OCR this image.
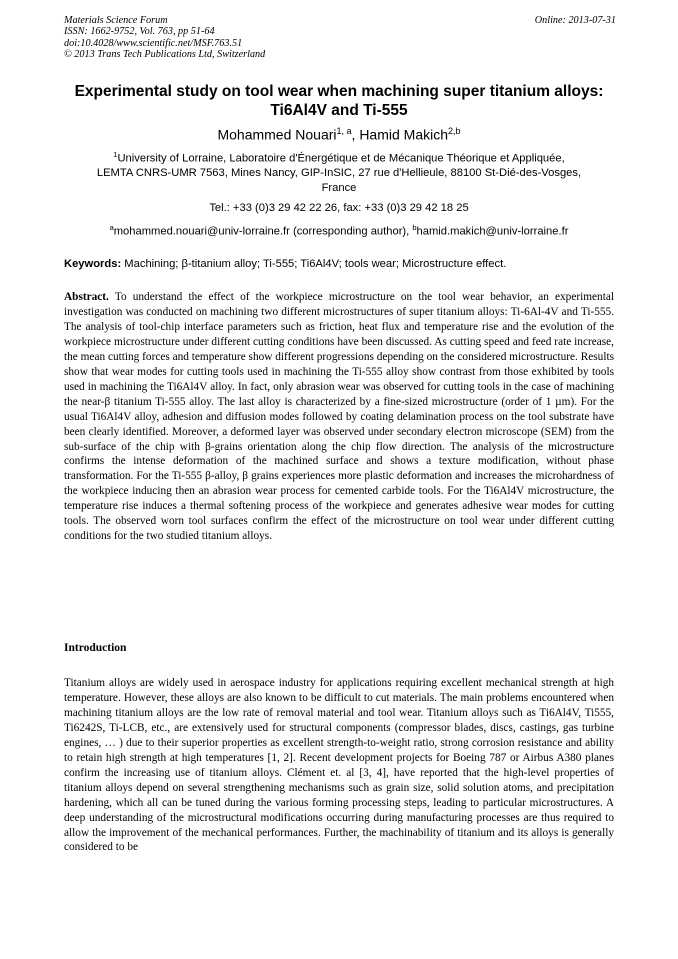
Materials Science Forum
ISSN: 1662-9752, Vol. 763, pp 51-64
doi:10.4028/www.scientific.net/MSF.763.51
© 2013 Trans Tech Publications Ltd, Switzerland
Online: 2013-07-31
Experimental study on tool wear when machining super titanium alloys:
Ti6Al4V and Ti-555
Mohammed Nouari$^{1, a}$, Hamid Makich$^{2,b}$
$^1$University of Lorraine, Laboratoire d'Énergétique et de Mécanique Théorique et Appliquée,
LEMTA CNRS-UMR 7563, Mines Nancy, GIP-InSIC, 27 rue d'Hellieule, 88100 St-Dié-des-Vosges,
France
Tel.: +33 (0)3 29 42 22 26, fax: +33 (0)3 29 42 18 25
$^a$mohammed.nouari@univ-lorraine.fr (corresponding author), $^b$hamid.makich@univ-lorraine.fr
Keywords: Machining; β-titanium alloy; Ti-555; Ti6Al4V; tools wear; Microstructure effect.
Abstract. To understand the effect of the workpiece microstructure on the tool wear behavior, an experimental investigation was conducted on machining two different microstructures of super titanium alloys: Ti-6Al-4V and Ti-555. The analysis of tool-chip interface parameters such as friction, heat flux and temperature rise and the evolution of the workpiece microstructure under different cutting conditions have been discussed. As cutting speed and feed rate increase, the mean cutting forces and temperature show different progressions depending on the considered microstructure. Results show that wear modes for cutting tools used in machining the Ti-555 alloy show contrast from those exhibited by tools used in machining the Ti6Al4V alloy. In fact, only abrasion wear was observed for cutting tools in the case of machining the near-β titanium Ti-555 alloy. The last alloy is characterized by a fine-sized microstructure (order of 1 µm). For the usual Ti6Al4V alloy, adhesion and diffusion modes followed by coating delamination process on the tool substrate have been clearly identified. Moreover, a deformed layer was observed under secondary electron microscope (SEM) from the sub-surface of the chip with β-grains orientation along the chip flow direction. The analysis of the microstructure confirms the intense deformation of the machined surface and shows a texture modification, without phase transformation. For the Ti-555 β-alloy, β grains experiences more plastic deformation and increases the microhardness of the workpiece inducing then an abrasion wear process for cemented carbide tools. For the Ti6Al4V microstructure, the temperature rise induces a thermal softening process of the workpiece and generates adhesive wear modes for cutting tools. The observed worn tool surfaces confirm the effect of the microstructure on tool wear under different cutting conditions for the two studied titanium alloys.
Introduction
Titanium alloys are widely used in aerospace industry for applications requiring excellent mechanical strength at high temperature. However, these alloys are also known to be difficult to cut materials. The main problems encountered when machining titanium alloys are the low rate of removal material and tool wear. Titanium alloys such as Ti6Al4V, Ti555, Ti6242S, Ti-LCB, etc., are extensively used for structural components (compressor blades, discs, castings, gas turbine engines, … ) due to their superior properties as excellent strength-to-weight ratio, strong corrosion resistance and ability to retain high strength at high temperatures [1, 2]. Recent development projects for Boeing 787 or Airbus A380 planes confirm the increasing use of titanium alloys. Clément et. al [3, 4], have reported that the high-level properties of titanium alloys depend on several strengthening mechanisms such as grain size, solid solution atoms, and precipitation hardening, which all can be tuned during the various forming processing steps, leading to particular microstructures. A deep understanding of the microstructural modifications occurring during manufacturing processes are thus required to allow the improvement of the mechanical performances. Further, the machinability of titanium and its alloys is generally considered to be
